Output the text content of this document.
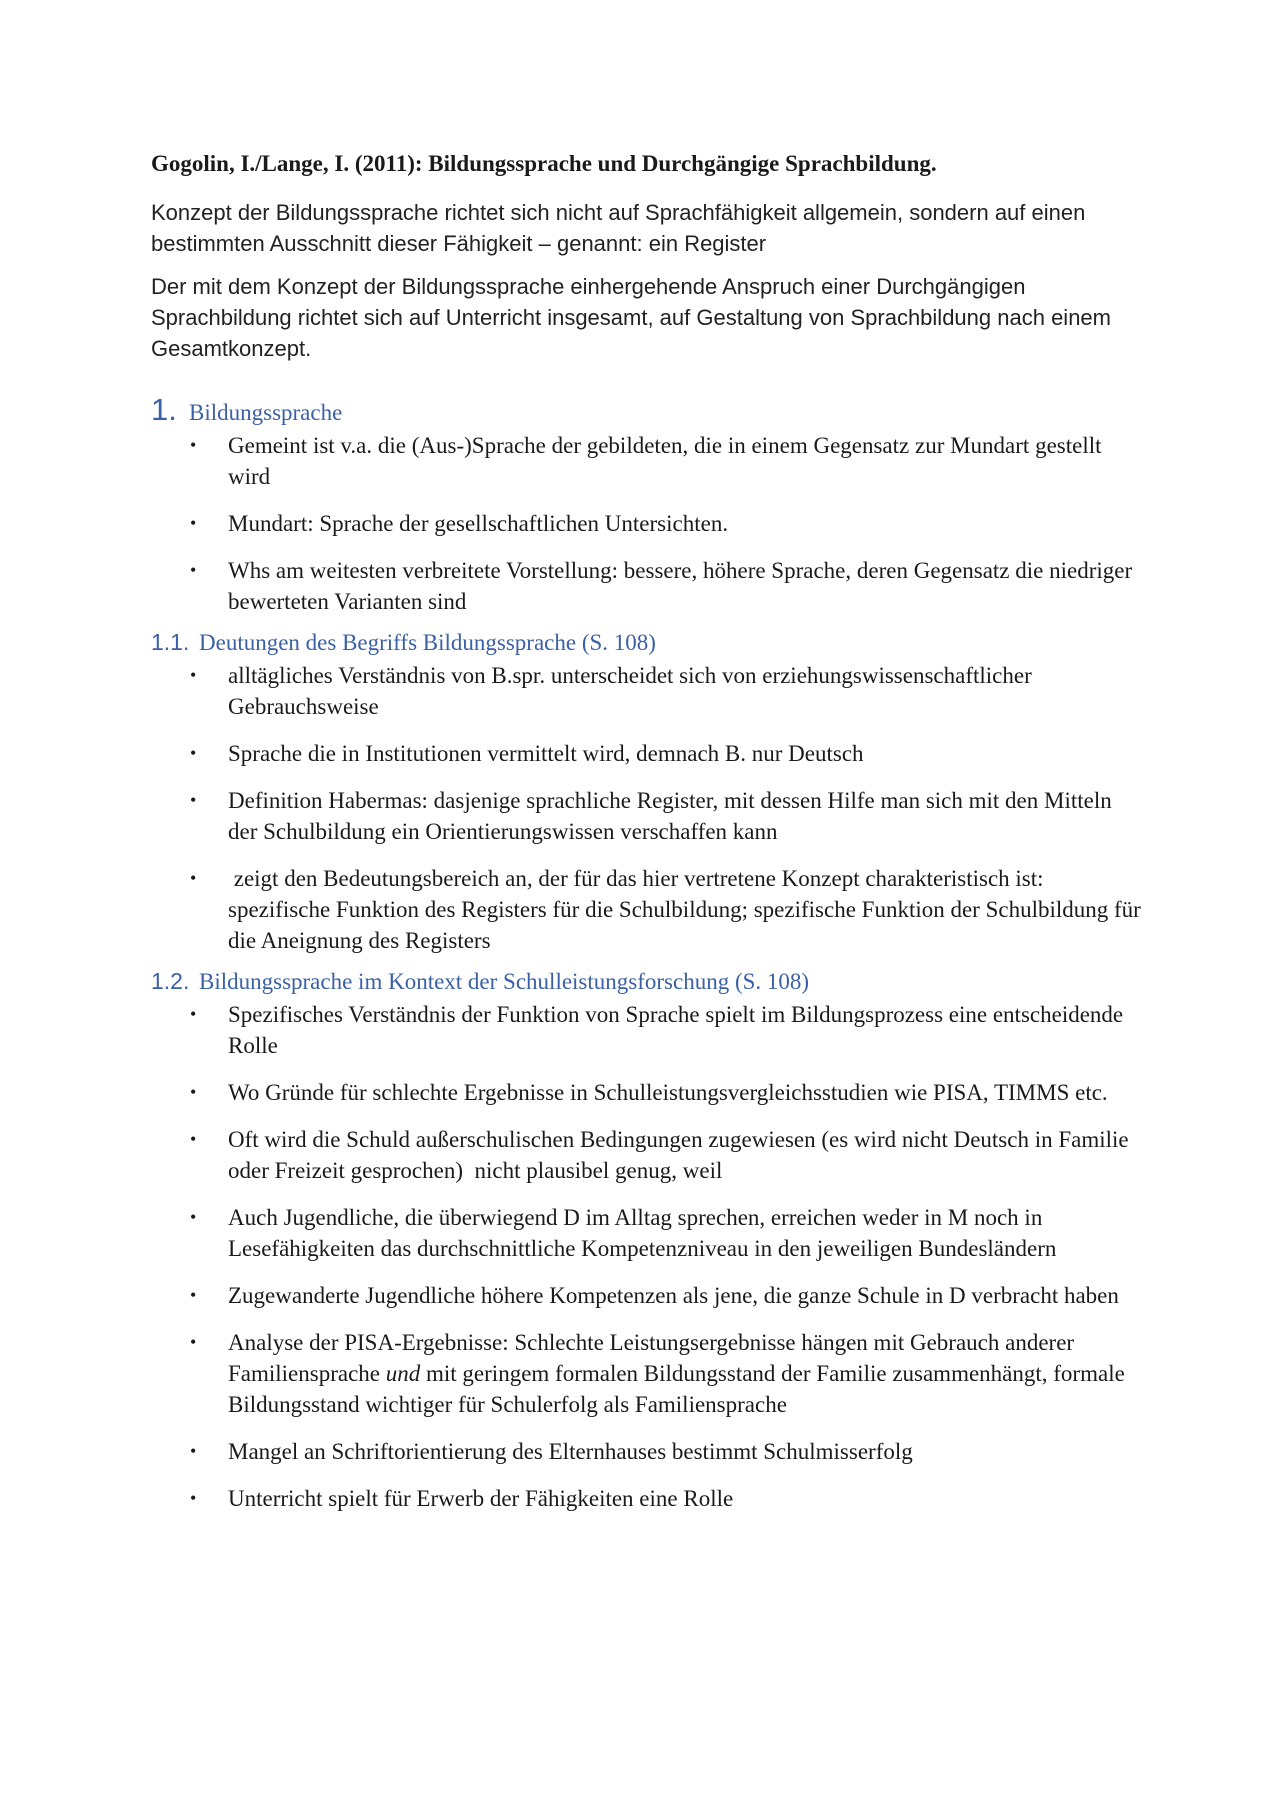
Gogolin, I./Lange, I. (2011): Bildungssprache und Durchgängige Sprachbildung.

Konzept der Bildungssprache richtet sich nicht auf Sprachfähigkeit allgemein, sondern auf einen bestimmten Ausschnitt dieser Fähigkeit – genannt: ein Register

Der mit dem Konzept der Bildungssprache einhergehende Anspruch einer Durchgängigen Sprachbildung richtet sich auf Unterricht insgesamt, auf Gestaltung von Sprachbildung nach einem Gesamtkonzept.

1. Bildungssprache
• Gemeint ist v.a. die (Aus-)Sprache der gebildeten, die in einem Gegensatz zur Mundart gestellt wird
• Mundart: Sprache der gesellschaftlichen Untersichten.
• Whs am weitesten verbreitete Vorstellung: bessere, höhere Sprache, deren Gegensatz die niedriger bewerteten Varianten sind
1.1. Deutungen des Begriffs Bildungssprache (S. 108)
• alltägliches Verständnis von B.spr. unterscheidet sich von erziehungswissenschaftlicher Gebrauchsweise
• Sprache die in Institutionen vermittelt wird, demnach B. nur Deutsch
• Definition Habermas: dasjenige sprachliche Register, mit dessen Hilfe man sich mit den Mitteln der Schulbildung ein Orientierungswissen verschaffen kann
• zeigt den Bedeutungsbereich an, der für das hier vertretene Konzept charakteristisch ist: spezifische Funktion des Registers für die Schulbildung; spezifische Funktion der Schulbildung für die Aneignung des Registers
1.2. Bildungssprache im Kontext der Schulleistungsforschung (S. 108)
• Spezifisches Verständnis der Funktion von Sprache spielt im Bildungsprozess eine entscheidende Rolle
• Wo Gründe für schlechte Ergebnisse in Schulleistungsvergleichsstudien wie PISA, TIMMS etc.
• Oft wird die Schuld außerschulischen Bedingungen zugewiesen (es wird nicht Deutsch in Familie oder Freizeit gesprochen)  nicht plausibel genug, weil
• Auch Jugendliche, die überwiegend D im Alltag sprechen, erreichen weder in M noch in Lesefähigkeiten das durchschnittliche Kompetenzniveau in den jeweiligen Bundesländern
• Zugewanderte Jugendliche höhere Kompetenzen als jene, die ganze Schule in D verbracht haben
• Analyse der PISA-Ergebnisse: Schlechte Leistungsergebnisse hängen mit Gebrauch anderer Familiensprache und mit geringem formalen Bildungsstand der Familie zusammenhängt, formale Bildungsstand wichtiger für Schulerfolg als Familiensprache
• Mangel an Schriftorientierung des Elternhauses bestimmt Schulmisserfolg
• Unterricht spielt für Erwerb der Fähigkeiten eine Rolle
